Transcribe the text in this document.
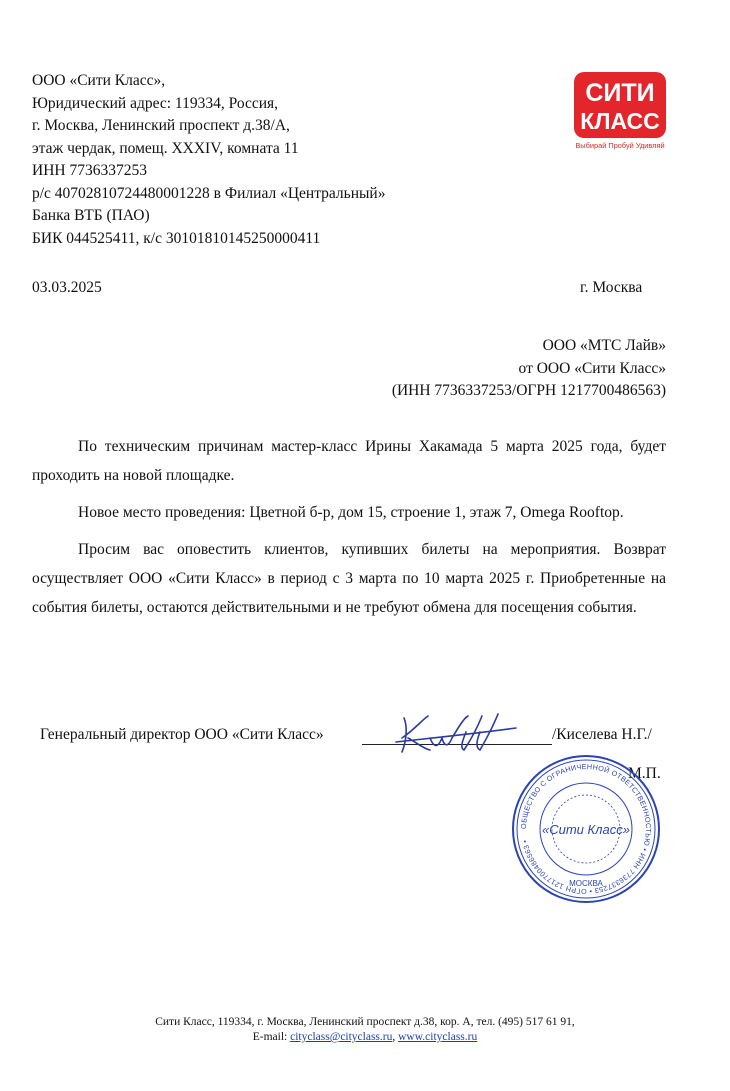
ООО «Сити Класс»,
Юридический адрес: 119334, Россия,
г. Москва, Ленинский проспект д.38/А,
этаж чердак, помещ. XXXIV, комната 11
ИНН 7736337253
р/с 40702810724480001228 в Филиал «Центральный»
Банка ВТБ (ПАО)
БИК 044525411, к/с 30101810145250000411
СИТИ
КЛАСС
Выбирай Пробуй Удивляй
03.03.2025	г. Москва
ООО «МТС Лайв»
от ООО «Сити Класс»
(ИНН 7736337253/ОГРН 1217700486563)

По техническим причинам мастер-класс Ирины Хакамада 5 марта 2025 года, будет проходить на новой площадке.

Новое место проведения: Цветной б-р, дом 15, строение 1, этаж 7, Omega Rooftop.

Просим вас оповестить клиентов, купивших билеты на мероприятия. Возврат осуществляет ООО «Сити Класс» в период с 3 марта по 10 марта 2025 г. Приобретенные на события билеты, остаются действительными и не требуют обмена для посещения события.

Генеральный директор ООО «Сити Класс»	/Киселева Н.Г./
М.П.
ОБЩЕСТВО С ОГРАНИЧЕННОЙ ОТВЕТСТВЕННОСТЬЮ • ИНН 7736337253 • ОГРН 1217700486563 •
«Сити Класс»
МОСКВА
Сити Класс, 119334, г. Москва, Ленинский проспект д.38, кор. А, тел. (495) 517 61 91,
E-mail: cityclass@cityclass.ru, www.cityclass.ru
